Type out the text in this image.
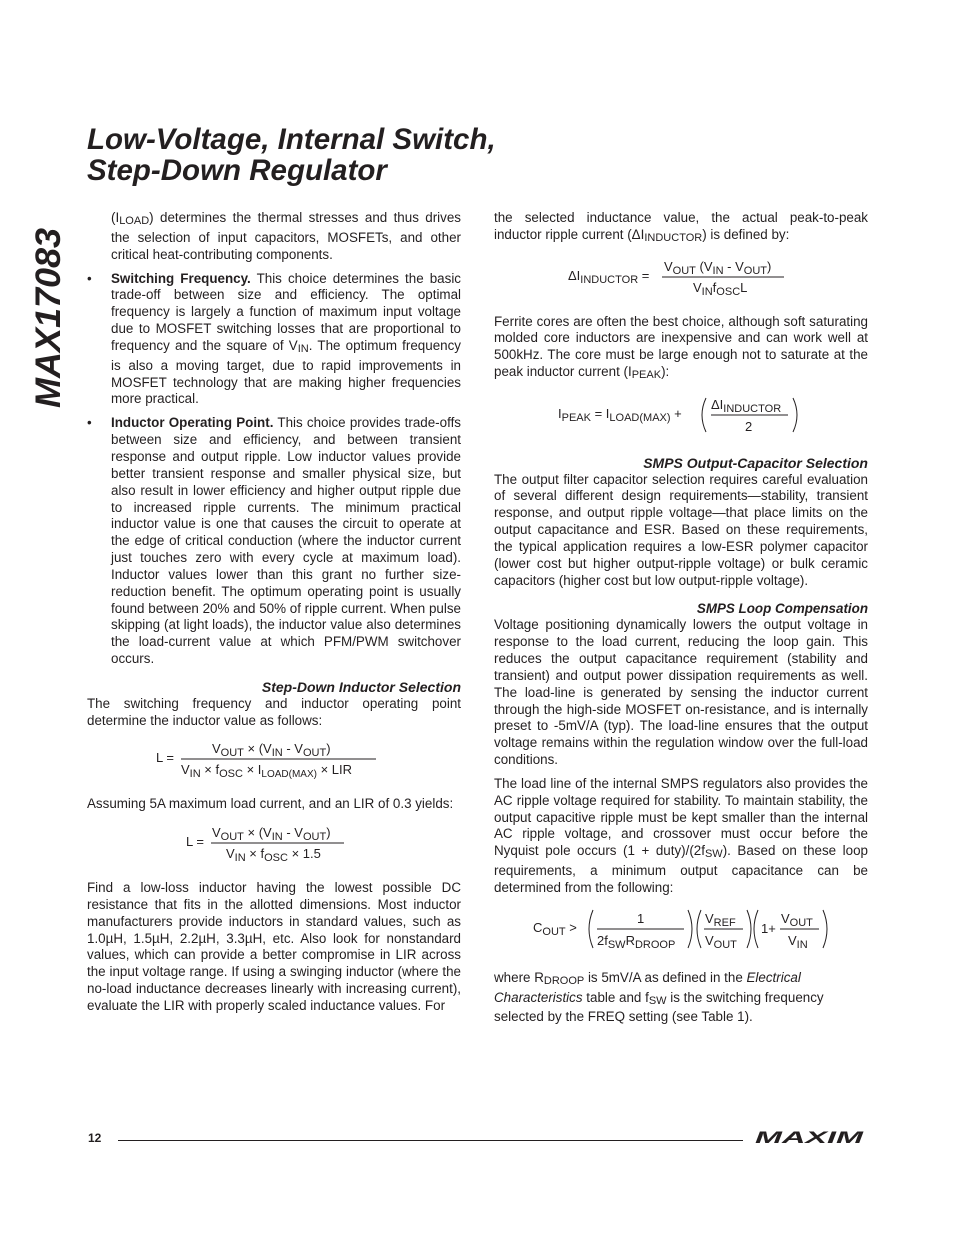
MAX17083
Low-Voltage, Internal Switch,
Step-Down Regulator

$(I_{LOAD})$ determines the thermal stresses and thus drives the selection of input capacitors, MOSFETs, and other critical heat-contributing components.

• Switching Frequency. This choice determines the basic trade-off between size and efficiency. The optimal frequency is largely a function of maximum input voltage due to MOSFET switching losses that are proportional to frequency and the square of $V_{IN}$. The optimum frequency is also a moving target, due to rapid improvements in MOSFET technology that are making higher frequencies more practical.
• Inductor Operating Point. This choice provides trade-offs between size and efficiency, and between transient response and output ripple. Low inductor values provide better transient response and smaller physical size, but also result in lower efficiency and higher output ripple due to increased ripple currents. The minimum practical inductor value is one that causes the circuit to operate at the edge of critical conduction (where the inductor current just touches zero with every cycle at maximum load). Inductor values lower than this grant no further size-reduction benefit. The optimum operating point is usually found between 20% and 50% of ripple current. When pulse skipping (at light loads), the inductor value also determines the load-current value at which PFM/PWM switchover occurs.
Step-Down Inductor Selection

The switching frequency and inductor operating point determine the inductor value as follows:

L =
$V_{OUT} \times (V_{IN} - V_{OUT})$
$V_{IN} \times f_{OSC} \times I_{LOAD(MAX)}$ × LIR

Assuming 5A maximum load current, and an LIR of 0.3 yields:

L =
$V_{OUT} \times (V_{IN} - V_{OUT})$
$V_{IN} \times f_{OSC} \times 1.5$

Find a low-loss inductor having the lowest possible DC resistance that fits in the allotted dimensions. Most inductor manufacturers provide inductors in standard values, such as 1.0µH, 1.5µH, 2.2µH, 3.3µH, etc. Also look for nonstandard values, which can provide a better compromise in LIR across the input voltage range. If using a swinging inductor (where the no-load inductance decreases linearly with increasing current), evaluate the LIR with properly scaled inductance values. For

the selected inductance value, the actual peak-to-peak inductor ripple current $(\Delta I_{INDUCTOR})$ is defined by:

$\Delta I_{INDUCTOR}$ =
$V_{OUT}$ $(V_{IN} - V_{OUT})$
$V_{IN}f_{OSC}L$

Ferrite cores are often the best choice, although soft saturating molded core inductors are inexpensive and can work well at 500kHz. The core must be large enough not to saturate at the peak inductor current $(I_{PEAK})$:

$I_{PEAK} = I_{LOAD(MAX)}$ +
$\Delta I_{INDUCTOR}$
2
SMPS Output-Capacitor Selection

The output filter capacitor selection requires careful evaluation of several different design requirements—stability, transient response, and output ripple voltage—that place limits on the output capacitance and ESR. Based on these requirements, the typical application requires a low-ESR polymer capacitor (lower cost but higher output-ripple voltage) or bulk ceramic capacitors (higher cost but low output-ripple voltage).

SMPS Loop Compensation

Voltage positioning dynamically lowers the output voltage in response to the load current, reducing the loop gain. This reduces the output capacitance requirement (stability and transient) and output power dissipation requirements as well. The load-line is generated by sensing the inductor current through the high-side MOSFET on-resistance, and is internally preset to -5mV/A (typ). The load-line ensures that the output voltage remains within the regulation window over the full-load conditions.

The load line of the internal SMPS regulators also provides the AC ripple voltage required for stability. To maintain stability, the output capacitive ripple must be kept smaller than the internal AC ripple voltage, and crossover must occur before the Nyquist pole occurs $(1 + duty)/(2f_{SW})$. Based on these loop requirements, a minimum output capacitance can be determined from the following:

$C_{OUT}$ >
1
$2f_{SW}R_{DROOP}$
$V_{REF}$
$V_{OUT}$
1+
$V_{OUT}$
$V_{IN}$

where $R_{DROOP}$ is 5mV/A as defined in the Electrical Characteristics table and $f_{SW}$ is the switching frequency selected by the FREQ setting (see Table 1).

12	MAXIM
